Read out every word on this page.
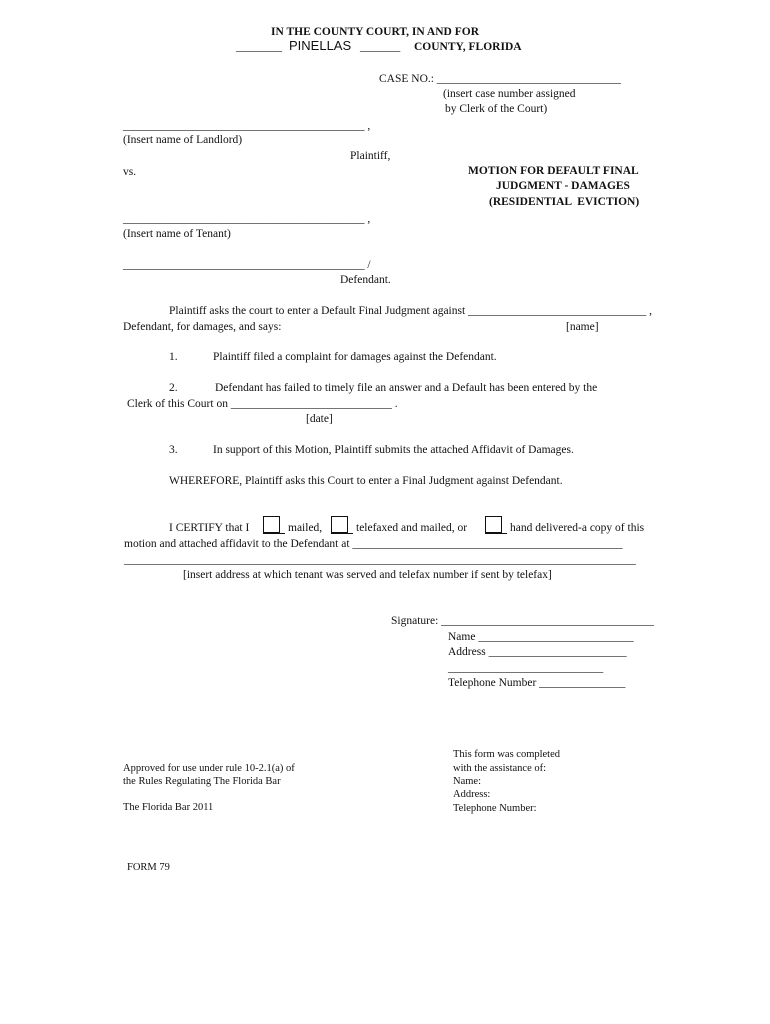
IN THE COUNTY COURT, IN AND FOR
________ PINELLAS _______ COUNTY, FLORIDA
CASE NO.: ________________________________
(insert case number assigned
by Clerk of the Court)
__________________________________________ ,
(Insert name of Landlord)
Plaintiff,
vs.	MOTION FOR DEFAULT FINAL
JUDGMENT - DAMAGES
(RESIDENTIAL  EVICTION)
__________________________________________ ,
(Insert name of Tenant)
__________________________________________ /
Defendant.
Plaintiff asks the court to enter a Default Final Judgment against _______________________________ ,
Defendant, for damages, and says:	[name]
1.	Plaintiff filed a complaint for damages against the Defendant.
2.	Defendant has failed to timely file an answer and a Default has been entered by the
Clerk of this Court on ____________________________ .
[date]
3.	In support of this Motion, Plaintiff submits the attached Affidavit of Damages.
WHEREFORE, Plaintiff asks this Court to enter a Final Judgment against Defendant.
I CERTIFY that I	mailed,	telefaxed and mailed, or	hand delivered-a copy of this
motion and attached affidavit to the Defendant at _______________________________________________
_________________________________________________________________________________________
[insert address at which tenant was served and telefax number if sent by telefax]
Signature: _____________________________________
Name ___________________________
Address ________________________
___________________________
Telephone Number _______________
This form was completed
with the assistance of:
Name:
Address:
Telephone Number:
Approved for use under rule 10-2.1(a) of
the Rules Regulating The Florida Bar
The Florida Bar 2011
FORM 79
